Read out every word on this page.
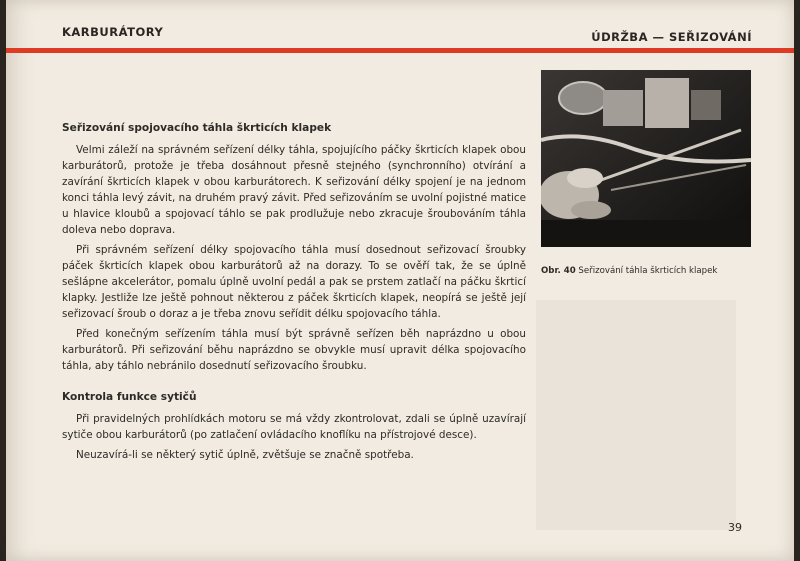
KARBURÁTORY	ÚDRŽBA — SEŘIZOVÁNÍ
Seřizování spojovacího táhla škrticích klapek

Velmi záleží na správném seřízení délky táhla, spojujícího páčky škrticích klapek obou karburátorů, protože je třeba dosáhnout přesně stejného (synchronního) otvírání a zavírání škrticích klapek v obou karburátorech. K seřizování délky spojení je na jednom konci táhla levý závit, na druhém pravý závit. Před seřizováním se uvolní pojistné matice u hlavice kloubů a spojovací táhlo se pak prodlužuje nebo zkracuje šroubováním táhla doleva nebo doprava.

Při správném seřízení délky spojovacího táhla musí dosednout seřizovací šroubky páček škrticích klapek obou karburátorů až na dorazy. To se ověří tak, že se úplně sešlápne akcelerátor, pomalu úplně uvolní pedál a pak se prstem zatlačí na páčku škrticí klapky. Jestliže lze ještě pohnout některou z páček škrticích klapek, neopírá se ještě její seřizovací šroub o doraz a je třeba znovu seřídit délku spojovacího táhla.

Před konečným seřízením táhla musí být správně seřízen běh naprázdno u obou karburátorů. Při seřizování běhu naprázdno se obvykle musí upravit délka spojovacího táhla, aby táhlo nebránilo dosednutí seřizovacího šroubku.

Kontrola funkce sytičů

Při pravidelných prohlídkách motoru se má vždy zkontrolovat, zdali se úplně uzavírají sytiče obou karburátorů (po zatlačení ovládacího knoflíku na přístrojové desce).

Neuzavírá-li se některý sytič úplně, zvětšuje se značně spotřeba.

Obr. 40 Seřizování táhla škrticích klapek
39
